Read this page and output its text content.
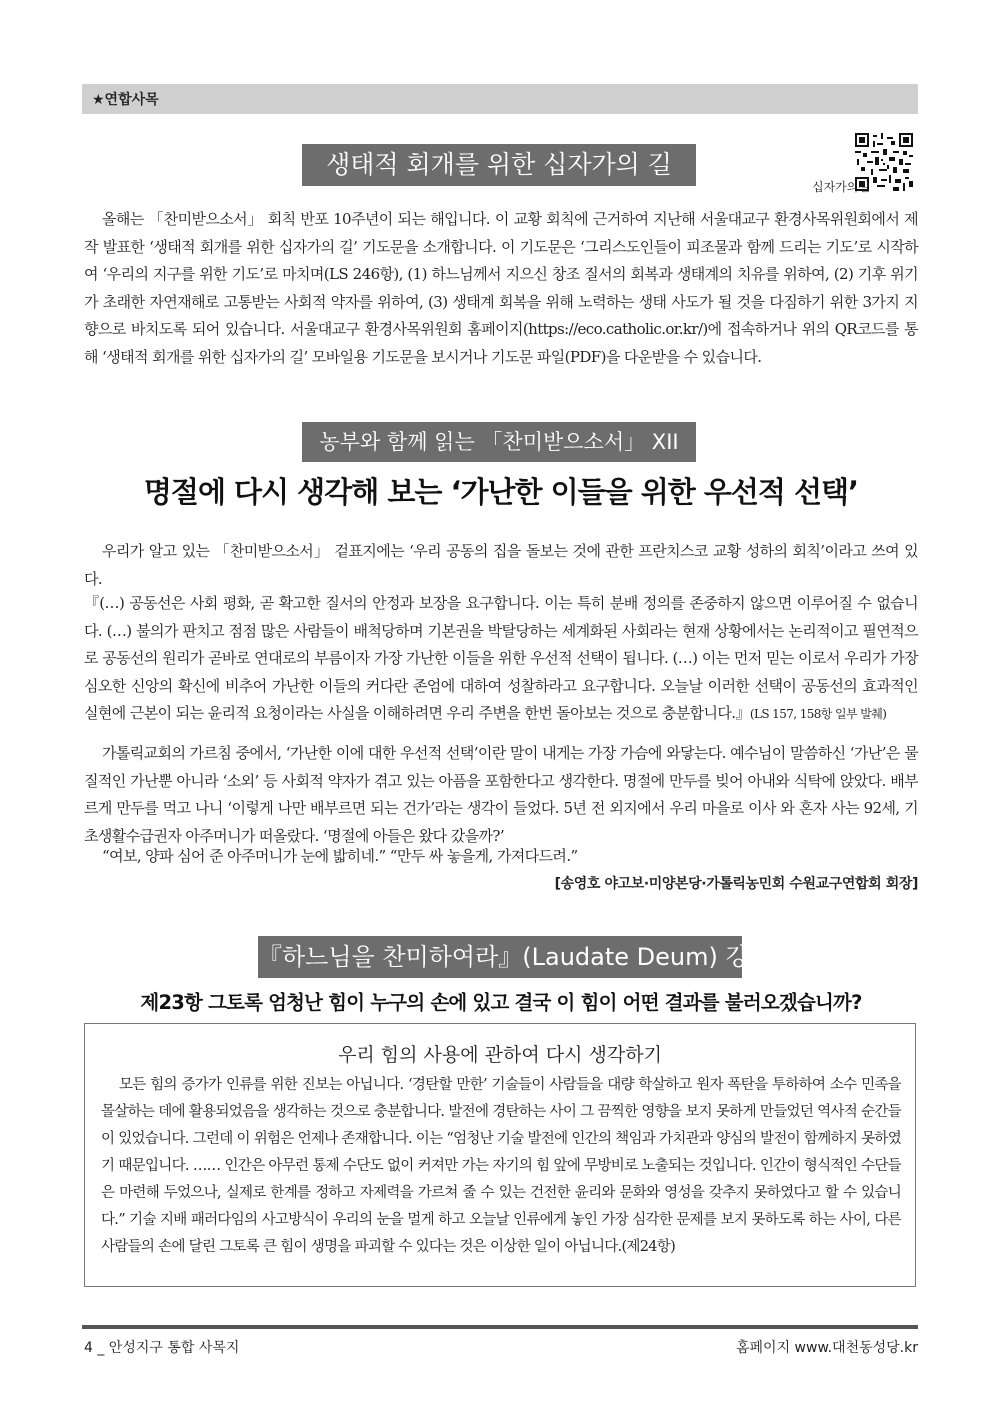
★연합사목
생태적 회개를 위한 십자가의 길
십자가의길

올해는 「찬미받으소서」 회칙 반포 10주년이 되는 해입니다. 이 교황 회칙에 근거하여 지난해 서울대교구 환경사목위원회에서 제작 발표한 ‘생태적 회개를 위한 십자가의 길’ 기도문을 소개합니다. 이 기도문은 ‘그리스도인들이 피조물과 함께 드리는 기도’로 시작하여 ‘우리의 지구를 위한 기도’로 마치며(LS 246항), (1) 하느님께서 지으신 창조 질서의 회복과 생태계의 치유를 위하여, (2) 기후 위기가 초래한 자연재해로 고통받는 사회적 약자를 위하여, (3) 생태계 회복을 위해 노력하는 생태 사도가 될 것을 다짐하기 위한 3가지 지향으로 바치도록 되어 있습니다. 서울대교구 환경사목위원회 홈페이지(https://eco.catholic.or.kr/)에 접속하거나 위의 QR코드를 통해 ‘생태적 회개를 위한 십자가의 길’ 모바일용 기도문을 보시거나 기도문 파일(PDF)을 다운받을 수 있습니다.

농부와 함께 읽는 「찬미받으소서」 XII
명절에 다시 생각해 보는 ‘가난한 이들을 위한 우선적 선택’

우리가 알고 있는 「찬미받으소서」 겉표지에는 ‘우리 공동의 집을 돌보는 것에 관한 프란치스코 교황 성하의 회칙’이라고 쓰여 있다.

『(…) 공동선은 사회 평화, 곧 확고한 질서의 안정과 보장을 요구합니다. 이는 특히 분배 정의를 존중하지 않으면 이루어질 수 없습니다. (…) 불의가 판치고 점점 많은 사람들이 배척당하며 기본권을 박탈당하는 세계화된 사회라는 현재 상황에서는 논리적이고 필연적으로 공동선의 원리가 곧바로 연대로의 부름이자 가장 가난한 이들을 위한 우선적 선택이 됩니다. (…) 이는 먼저 믿는 이로서 우리가 가장 심오한 신앙의 확신에 비추어 가난한 이들의 커다란 존엄에 대하여 성찰하라고 요구합니다. 오늘날 이러한 선택이 공동선의 효과적인 실현에 근본이 되는 윤리적 요청이라는 사실을 이해하려면 우리 주변을 한번 돌아보는 것으로 충분합니다.』(LS 157, 158항 일부 발췌)

가톨릭교회의 가르침 중에서, ‘가난한 이에 대한 우선적 선택’이란 말이 내게는 가장 가슴에 와닿는다. 예수님이 말씀하신 ‘가난’은 물질적인 가난뿐 아니라 ‘소외’ 등 사회적 약자가 겪고 있는 아픔을 포함한다고 생각한다. 명절에 만두를 빚어 아내와 식탁에 앉았다. 배부르게 만두를 먹고 나니 ‘이렇게 나만 배부르면 되는 건가’라는 생각이 들었다. 5년 전 외지에서 우리 마을로 이사 와 혼자 사는 92세, 기초생활수급권자 아주머니가 떠올랐다. ‘명절에 아들은 왔다 갔을까?’

“여보, 양파 심어 준 아주머니가 눈에 밟히네.” “만두 싸 놓을게, 가져다드려.”

[송영호 야고보·미양본당·가톨릭농민회 수원교구연합회 회장]
『하느님을 찬미하여라』(Laudate Deum) 강독
제23항 그토록 엄청난 힘이 누구의 손에 있고 결국 이 힘이 어떤 결과를 불러오겠습니까?
우리 힘의 사용에 관하여 다시 생각하기

모든 힘의 증가가 인류를 위한 진보는 아닙니다. ‘경탄할 만한’ 기술들이 사람들을 대량 학살하고 원자 폭탄을 투하하여 소수 민족을 몰살하는 데에 활용되었음을 생각하는 것으로 충분합니다. 발전에 경탄하는 사이 그 끔찍한 영향을 보지 못하게 만들었던 역사적 순간들이 있었습니다. 그런데 이 위험은 언제나 존재합니다. 이는 “엄청난 기술 발전에 인간의 책임과 가치관과 양심의 발전이 함께하지 못하였기 때문입니다. …… 인간은 아무런 통제 수단도 없이 커져만 가는 자기의 힘 앞에 무방비로 노출되는 것입니다. 인간이 형식적인 수단들은 마련해 두었으나, 실제로 한계를 정하고 자제력을 가르쳐 줄 수 있는 건전한 윤리와 문화와 영성을 갖추지 못하였다고 할 수 있습니다.” 기술 지배 패러다임의 사고방식이 우리의 눈을 멀게 하고 오늘날 인류에게 놓인 가장 심각한 문제를 보지 못하도록 하는 사이, 다른 사람들의 손에 달린 그토록 큰 힘이 생명을 파괴할 수 있다는 것은 이상한 일이 아닙니다.(제24항)

4 _ 안성지구 통합 사목지	홈페이지 www.대천동성당.kr
